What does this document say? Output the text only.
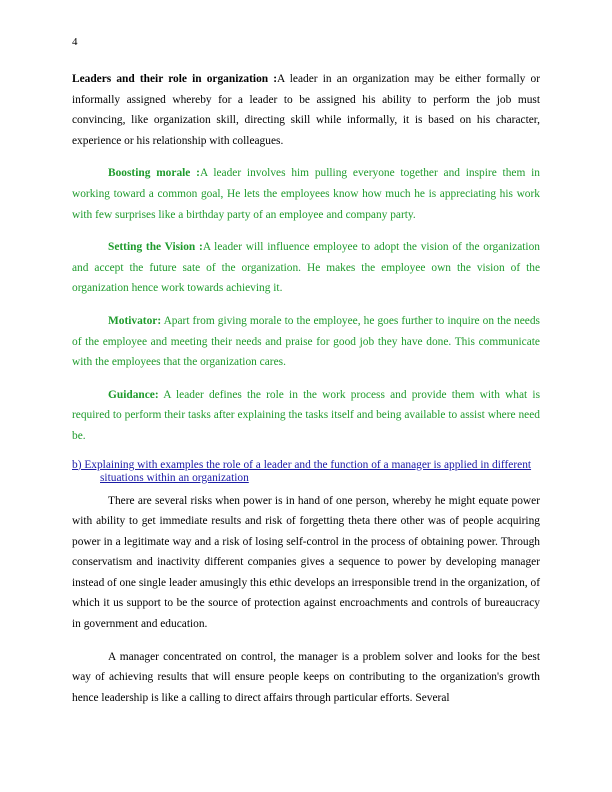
4

Leaders and their role in organization :A leader in an organization may be either formally or informally assigned whereby for a leader to be assigned his ability to perform the job must convincing, like organization skill, directing skill while informally, it is based on his character, experience or his relationship with colleagues.

Boosting morale :A leader involves him pulling everyone together and inspire them in working toward a common goal, He lets the employees know how much he is appreciating his work with few surprises like a birthday party of an employee and company party.

Setting the Vision :A leader will influence employee to adopt the vision of the organization and accept the future sate of the organization. He makes the employee own the vision of the organization hence work towards achieving it.

Motivator: Apart from giving morale to the employee, he goes further to inquire on the needs of the employee and meeting their needs and praise for good job they have done. This communicate with the employees that the organization cares.

Guidance: A leader defines the role in the work process and provide them with what is required to perform their tasks after explaining the tasks itself and being available to assist where need be.

b) Explaining with examples the role of a leader and the function of a manager is applied in different situations within an organization

There are several risks when power is in hand of one person, whereby he might equate power with ability to get immediate results and risk of forgetting theta there other was of people acquiring power in a legitimate way and a risk of losing self-control in the process of obtaining power. Through conservatism and inactivity different companies gives a sequence to power by developing manager instead of one single leader amusingly this ethic develops an irresponsible trend in the organization, of which it us support to be the source of protection against encroachments and controls of bureaucracy in government and education.

A manager concentrated on control, the manager is a problem solver and looks for the best way of achieving results that will ensure people keeps on contributing to the organization's growth hence leadership is like a calling to direct affairs through particular efforts. Several
